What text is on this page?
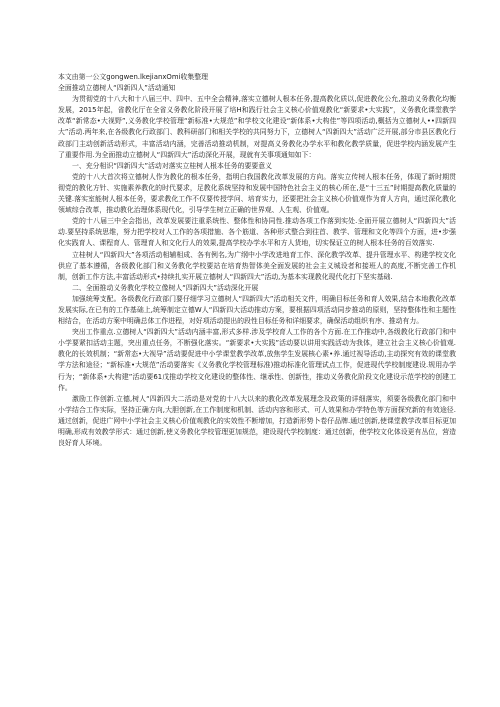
本文由第一公文gongwen.lkejianxOmi收集整理

全面推动立德树人“四新四人”活动通知

为贯彻党的十八大和十八届三中、四中、五中全会精神,落实立德树人根本任务,提高教化质以,促进教化公允,推动义务教化均衡发展，2015年起，省教化厅在全省义务教化阶段开展了培H和践行社会主义核心价值观教化“新要求•大实践”，义务教化课堂教学改革“新常态•大视野”,义务教化学校管理“新标准•大规范”和学校文化建设“新体系•大构佳”等四项活动,概括为立德树人••四新四大”活动.两年来,在各级教化行政部门、教科研部门和相关学校的共同努力下，立德树人“四新四大”活动广泛开展,部分市县区教化行政部门主动创新活动形式，丰富活动内涵，完善活动推动机制，对提高义务教化办学水平和教化教学质量，促进学校内涵发展产生了重要作用.为全面推动立德树人“四新四大”活动深化开展，现就有关事项通知如下：

一、充分相识“四新四大”活动对落实立桂树人根本任务的要要意义

党的十八大首次将立德树人作为教化的根本任务，指明白我国教化改革发展的方向。落实立传树人根本任务，体现了新时期贯彻党的教化方针、实施素养教化的时代要求，足教化系统坚持和发展中国特色社会主义的核心所在,是“十三五”时期提高教化质量的关键.落实室能树人根本任务，要求教化工作不仅要传授学问、培育实力，还要把社会主义核心价值观作为育人方向，通过深化教化领域综合改革，推动教化治理体系现代化，引导学生树立正确的世界观、人生观、价值观。

党的十八届三中全会指出，改革发展要注重系统性、整体性和协同性.推动各项工作落到实处.全面开展立德树人“四新四大”活动.要坚持系统思维，努力把学校对人工作的各项措施、各个筋道、各种形式整合到往首、教学、管理和文化等四个方面，进•步强化实践育人、课程育人、管理育人和文化行人的效果,提高学校办学水平和方人货地，切实保证立的树人根本任务的百效落实.

立桂树人“四新四大”各项活动相辅相成、各有例名,为广纲中小学改进地育工作、深化教学改革、提升管理水平、构建学校文化供应了基本遵循，各级教化部门和义务教化学校要站在培育热智体美全面发展的社会主义城设者和接班人的高度,不断完善工作机制，创新工作方法,丰富活动形式•持续扎实开展立德树人“四新四大”活动,为基本实现教化现代化打下坚实基础.

二、全面推动义务教化学校立像树人“四新四大”活动深化开展

加强统筹支配。各级教化行政部门要仔细学习立德树人“四新四大”活动相关文件，明确目标任务和育人效果,结合本地教化改革发展实际,在已有的工作基础上,统筹制定立德W人“四新四大活动推动方案，要根据四项活动同步推动的原则，坚持整体性和主题性相结合，在活动方案中明确总体工作进程，对好项活动提出的段性目标任务和详细要求，确保活动组织有序、推动有力。

突出工作重点.立德树人“四新四大”活动内涵丰富,形式多样.涉及学校育人工作的各个方面.在工作推动中,各级教化行政部门和中小学要紧扣活动主题，突出重点任务，不断强化落实。“新要求•大实践”活动要以讲用实践活动为我体，建立社会主义核心价值观.教化的长效机制；“新常态•大视导”活动要促进中小学课堂教学改革,放焦学生发展核心素•养.通过视导活动,主动探究有效的课堂教学方法和途径；“新标准•大规范”活动要落实《义务教化学校管理标准)推动标准化管理试点工作，促进现代学校制度建设.规用办学行为；“新体系•大构建”活动要61戊推动学校文化建设的整体性、继承性、创新性，推动义务教化阶段文化建设示范学校的创建工作。

激励工作创新.立德,树人“四新四大二活动是对党的十八大以来的教化改革发展理念及政策的详细落实，须要各级教化部门和中小学结合工作实际，坚持正确方向,大胆创新,在工作制度和机制、活动内容和形式、可人效果和办学特色等方面探究新的有效途径.通过创新，促进广网中小学社会主义核心价值观教化的实效性不断增加，打造新形势卜卷仔品牌.通过创新,使课堂教学改革目标更加明确,形成有效教学形式：通过创新,使义务教化学校管理更加规范，建设现代学校制度：通过创新，使学校文化体设更有丛位，营造良好育人环境。
